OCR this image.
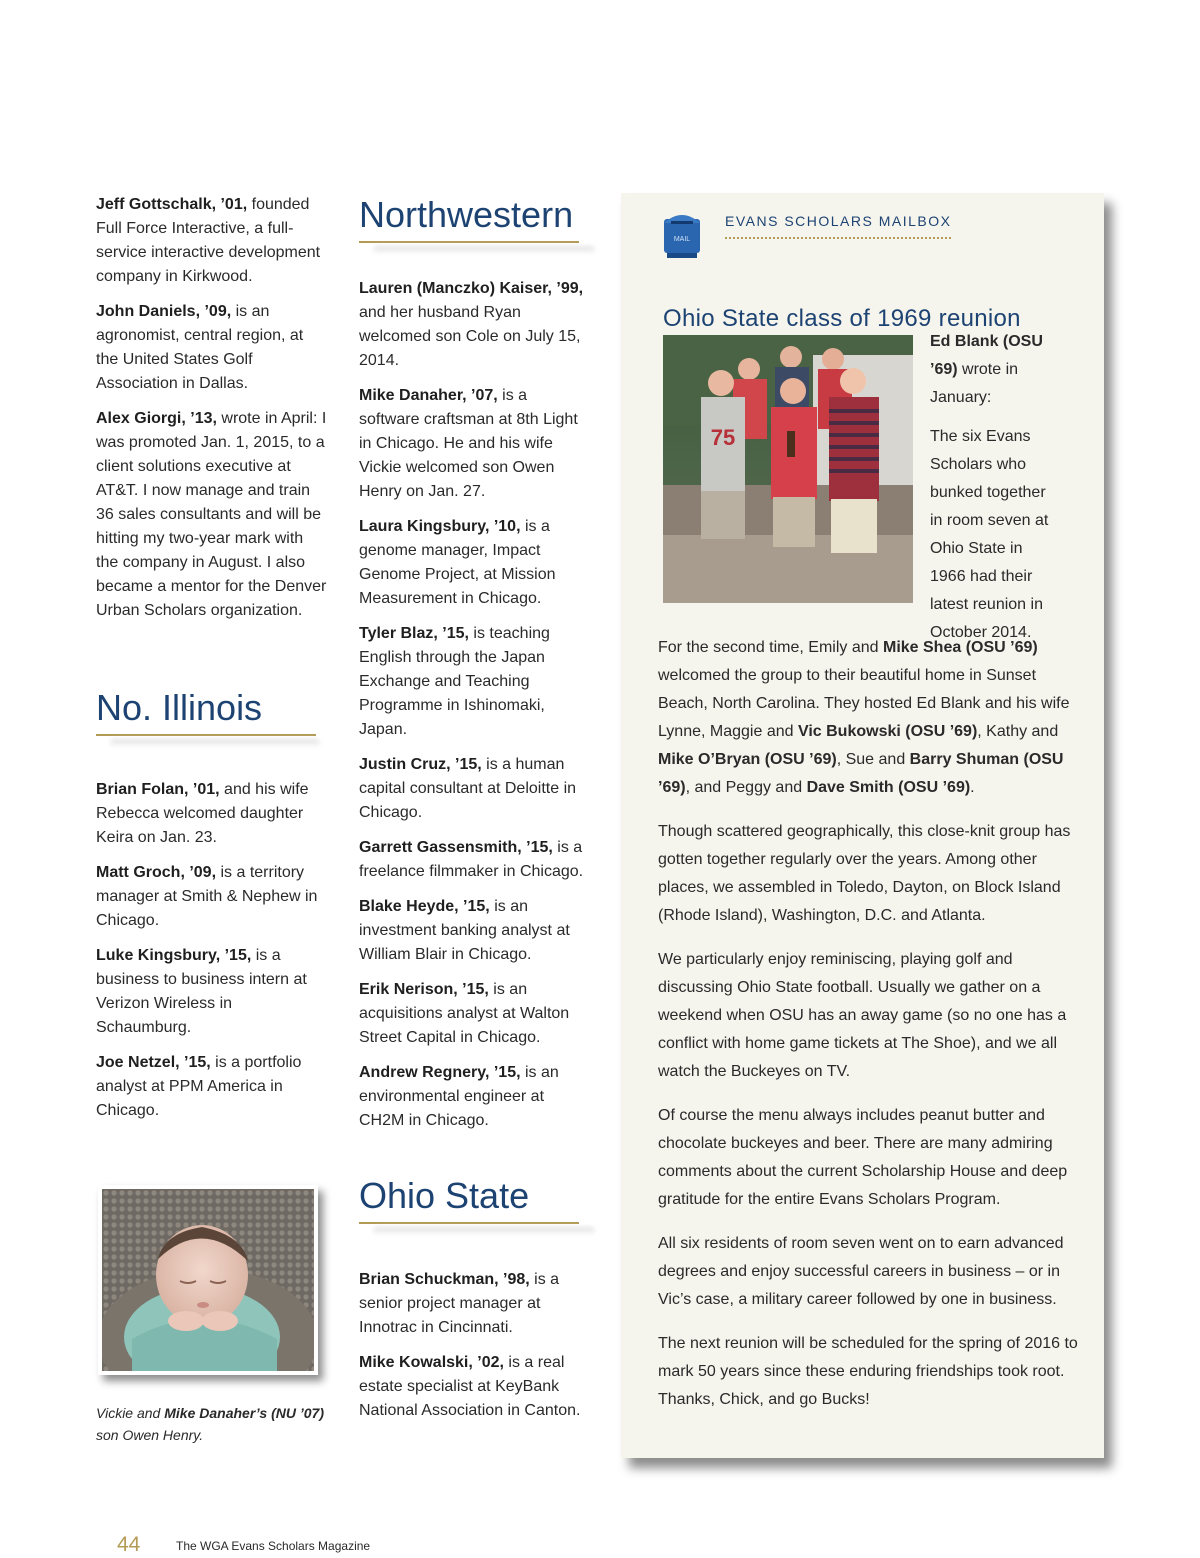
Jeff Gottschalk, ’01, founded Full Force Interactive, a full-service interactive development company in Kirkwood.

John Daniels, ’09, is an agronomist, central region, at the United States Golf Association in Dallas.

Alex Giorgi, ’13, wrote in April: I was promoted Jan. 1, 2015, to a client solutions executive at AT&T. I now manage and train 36 sales consultants and will be hitting my two-year mark with the company in August. I also became a mentor for the Denver Urban Scholars organization.

No. Illinois

Brian Folan, ’01, and his wife Rebecca welcomed daughter Keira on Jan. 23.

Matt Groch, ’09, is a territory manager at Smith & Nephew in Chicago.

Luke Kingsbury, ’15, is a business to business intern at Verizon Wireless in Schaumburg.

Joe Netzel, ’15, is a portfolio analyst at PPM America in Chicago.

Vickie and Mike Danaher’s (NU ’07) son Owen Henry.
Northwestern

Lauren (Manczko) Kaiser, ’99, and her husband Ryan welcomed son Cole on July 15, 2014.

Mike Danaher, ’07, is a software craftsman at 8th Light in Chicago. He and his wife Vickie welcomed son Owen Henry on Jan. 27.

Laura Kingsbury, ’10, is a genome manager, Impact Genome Project, at Mission Measurement in Chicago.

Tyler Blaz, ’15, is teaching English through the Japan Exchange and Teaching Programme in Ishinomaki, Japan.

Justin Cruz, ’15, is a human capital consultant at Deloitte in Chicago.

Garrett Gassensmith, ’15, is a freelance filmmaker in Chicago.

Blake Heyde, ’15, is an investment banking analyst at William Blair in Chicago.

Erik Nerison, ’15, is an acquisitions analyst at Walton Street Capital in Chicago.

Andrew Regnery, ’15, is an environmental engineer at CH2M in Chicago.

Ohio State

Brian Schuckman, ’98, is a senior project manager at Innotrac in Cincinnati.

Mike Kowalski, ’02, is a real estate specialist at KeyBank National Association in Canton.

MAIL
EVANS SCHOLARS MAILBOX
Ohio State class of 1969 reunion
75

Ed Blank (OSU ’69) wrote in January:

The six Evans Scholars who bunked together in room seven at Ohio State in 1966 had their latest reunion in October 2014.

For the second time, Emily and Mike Shea (OSU ’69) welcomed the group to their beautiful home in Sunset Beach, North Carolina. They hosted Ed Blank and his wife Lynne, Maggie and Vic Bukowski (OSU ’69), Kathy and Mike O’Bryan (OSU ’69), Sue and Barry Shuman (OSU ’69), and Peggy and Dave Smith (OSU ’69).

Though scattered geographically, this close-knit group has gotten together regularly over the years. Among other places, we assembled in Toledo, Dayton, on Block Island (Rhode Island), Washington, D.C. and Atlanta.

We particularly enjoy reminiscing, playing golf and discussing Ohio State football. Usually we gather on a weekend when OSU has an away game (so no one has a conflict with home game tickets at The Shoe), and we all watch the Buckeyes on TV.

Of course the menu always includes peanut butter and chocolate buckeyes and beer. There are many admiring comments about the current Scholarship House and deep gratitude for the entire Evans Scholars Program.

All six residents of room seven went on to earn advanced degrees and enjoy successful careers in business – or in Vic’s case, a military career followed by one in business.

The next reunion will be scheduled for the spring of 2016 to mark 50 years since these enduring friendships took root. Thanks, Chick, and go Bucks!

44	The WGA Evans Scholars Magazine
